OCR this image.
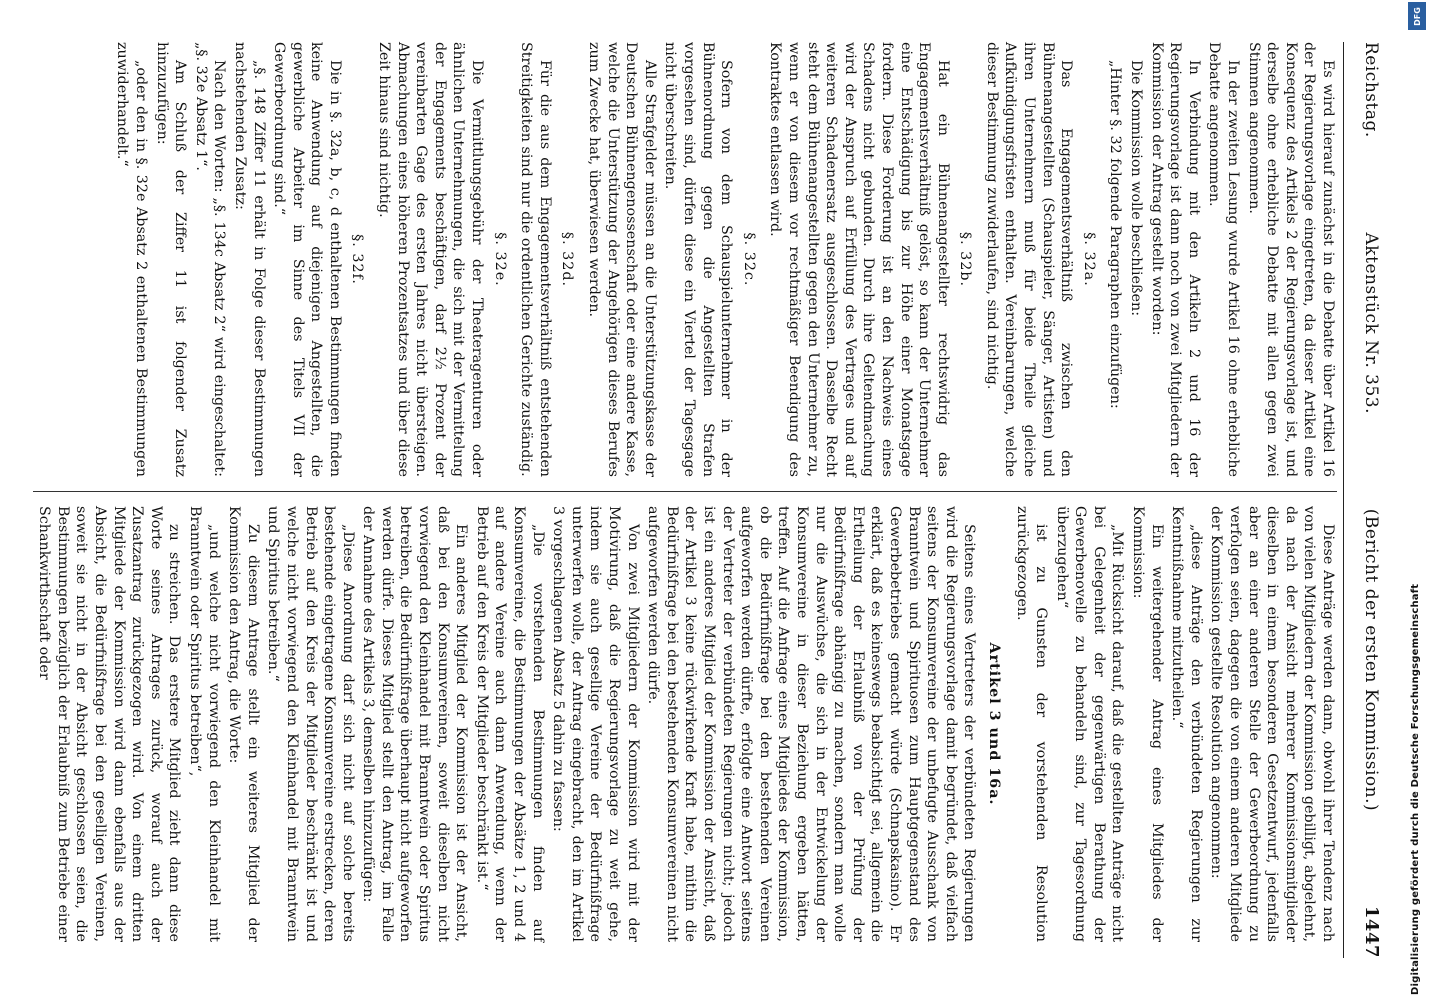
Reichstag.
Aktenstück Nr. 353.
(Bericht der ersten Kommission.)
1447
Es wird hierauf zunächst in die Debatte über Artikel 16 der Regierungsvorlage eingetreten, da dieser Artikel eine Konsequenz des Artikels 2 der Regierungsvorlage ist, und derselbe ohne erhebliche Debatte mit allen gegen zwei Stimmen angenommen.
In der zweiten Lesung wurde Artikel 16 ohne erhebliche Debatte angenommen.
In Verbindung mit den Artikeln 2 und 16 der Regierungsvorlage ist dann noch von zwei Mitgliedern der Kommission der Antrag gestellt worden:
Die Kommission wolle beschließen:
„Hinter §. 32 folgende Paragraphen einzufügen:
§. 32a.
Das Engagementsverhältniß zwischen den Bühnenangestellten (Schauspieler, Sänger, Artisten) und ihren Unternehmern muß für beide Theile gleiche Aufkündigungsfristen enthalten. Vereinbarungen, welche dieser Bestimmung zuwiderlaufen, sind nichtig.
§. 32b.
Hat ein Bühnenangestellter rechtswidrig das Engagementsverhältniß gelöst, so kann der Unternehmer eine Entschädigung bis zur Höhe einer Monatsgage fordern. Diese Forderung ist an den Nachweis eines Schadens nicht gebunden. Durch ihre Geltendmachung wird der Anspruch auf Erfüllung des Vertrages und auf weiteren Schadenersatz ausgeschlossen. Dasselbe Recht steht dem Bühnenangestellten gegen den Unternehmer zu, wenn er von diesem vor rechtmäßiger Beendigung des Kontraktes entlassen wird.
§. 32c.
Sofern von dem Schauspielunternehmer in der Bühnenordnung gegen die Angestellten Strafen vorgesehen sind, dürfen diese ein Viertel der Tagesgage nicht überschreiten.
Alle Strafgelder müssen an die Unterstützungskasse der Deutschen Bühnengenossenschaft oder eine andere Kasse, welche die Unterstützung der Angehörigen dieses Berufes zum Zwecke hat, überwiesen werden.
§. 32d.
Für die aus dem Engagementsverhältniß entstehenden Streitigkeiten sind nur die ordentlichen Gerichte zuständig.
§. 32e.
Die Vermittlungsgebühr der Theateragenturen oder ähnlichen Unternehmungen, die sich mit der Vermittelung der Engagements beschäftigen, darf 2½ Prozent der vereinbarten Gage des ersten Jahres nicht übersteigen. Abmachungen eines höheren Prozentsatzes und über diese Zeit hinaus sind nichtig.
§. 32f.
Die in §. 32a, b, c, d enthaltenen Bestimmungen finden keine Anwendung auf diejenigen Angestellten, die gewerbliche Arbeiter im Sinne des Titels VII der Gewerbeordnung sind.“
„§. 148 Ziffer 11 erhält in Folge dieser Bestimmungen nachstehenden Zusatz:
Nach den Worten: „§. 134c Absatz 2“ wird eingeschaltet: „§. 32e Absatz 1“.
Am Schluß der Ziffer 11 ist folgender Zusatz hinzuzufügen:
„oder den in §. 32e Absatz 2 enthaltenen Bestimmungen zuwiderhandelt.“
Diese Anträge werden dann, obwohl ihrer Tendenz nach von vielen Mitgliedern der Kommission gebilligt, abgelehnt, da nach der Ansicht mehrerer Kommissionsmitglieder dieselben in einem besonderen Gesetzentwurf, jedenfalls aber an einer anderen Stelle der Gewerbeordnung zu verfolgen seien, dagegen die von einem anderen Mitgliede der Kommission gestellte Resolution angenommen:
„diese Anträge den verbündeten Regierungen zur Kenntnißnahme mitzutheilen.“
Ein weitergehender Antrag eines Mitgliedes der Kommission:
„Mit Rücksicht darauf, daß die gestellten Anträge nicht bei Gelegenheit der gegenwärtigen Berathung der Gewerbenovelle zu behandeln sind, zur Tagesordnung überzugehen“
ist zu Gunsten der vorstehenden Resolution zurückgezogen.
Artikel 3 und 16a.
Seitens eines Vertreters der verbündeten Regierungen wird die Regierungsvorlage damit begründet, daß vielfach seitens der Konsumvereine der unbefugte Ausschank von Branntwein und Spirituosen zum Hauptgegenstand des Gewerbebetriebes gemacht würde (Schnapskasino). Er erklärt, daß es keineswegs beabsichtigt sei, allgemein die Ertheilung der Erlaubniß von der Prüfung der Bedürfnißfrage abhängig zu machen, sondern man wolle nur die Auswüchse, die sich in der Entwickelung der Konsumvereine in dieser Beziehung ergeben hätten, treffen. Auf die Anfrage eines Mitgliedes der Kommission, ob die Bedürfnißfrage bei den bestehenden Vereinen aufgeworfen werden dürfte, erfolgte eine Antwort seitens der Vertreter der verbündeten Regierungen nicht; jedoch ist ein anderes Mitglied der Kommission der Ansicht, daß der Artikel 3 keine rückwirkende Kraft habe, mithin die Bedürfnißfrage bei den bestehenden Konsumvereinen nicht aufgeworfen werden dürfe.
Von zwei Mitgliedern der Kommission wird mit der Motivirung, daß die Regierungsvorlage zu weit gehe, indem sie auch gesellige Vereine der Bedürfnißfrage unterwerfen wolle, der Antrag eingebracht, den im Artikel 3 vorgeschlagenen Absatz 5 dahin zu fassen:
„Die vorstehenden Bestimmungen finden auf Konsumvereine, die Bestimmungen der Absätze 1, 2 und 4 auf andere Vereine auch dann Anwendung, wenn der Betrieb auf den Kreis der Mitglieder beschränkt ist.“
Ein anderes Mitglied der Kommission ist der Ansicht, daß bei den Konsumvereinen, soweit dieselben nicht vorwiegend den Kleinhandel mit Branntwein oder Spiritus betreiben, die Bedürfnißfrage überhaupt nicht aufgeworfen werden dürfe. Dieses Mitglied stellt den Antrag, im Falle der Annahme des Artikels 3, demselben hinzuzufügen:
„Diese Anordnung darf sich nicht auf solche bereits bestehende eingetragene Konsumvereine erstrecken, deren Betrieb auf den Kreis der Mitglieder beschränkt ist und welche nicht vorwiegend den Kleinhandel mit Branntwein und Spiritus betreiben.“
Zu diesem Antrage stellt ein weiteres Mitglied der Kommission den Antrag, die Worte:
„und welche nicht vorwiegend den Kleinhandel mit Branntwein oder Spiritus betreiben“,
zu streichen. Das erstere Mitglied zieht dann diese Worte seines Antrages zurück, worauf auch der Zusatzantrag zurückgezogen wird. Von einem dritten Mitgliede der Kommission wird dann ebenfalls aus der Absicht, die Bedürfnißfrage bei den geselligen Vereinen, soweit sie nicht in der Absicht geschlossen seien, die Bestimmungen bezüglich der Erlaubniß zum Betriebe einer Schankwirthschaft oder
DFG
Digitalisierung gefördert durch die Deutsche Forschungsgemeinschaft
